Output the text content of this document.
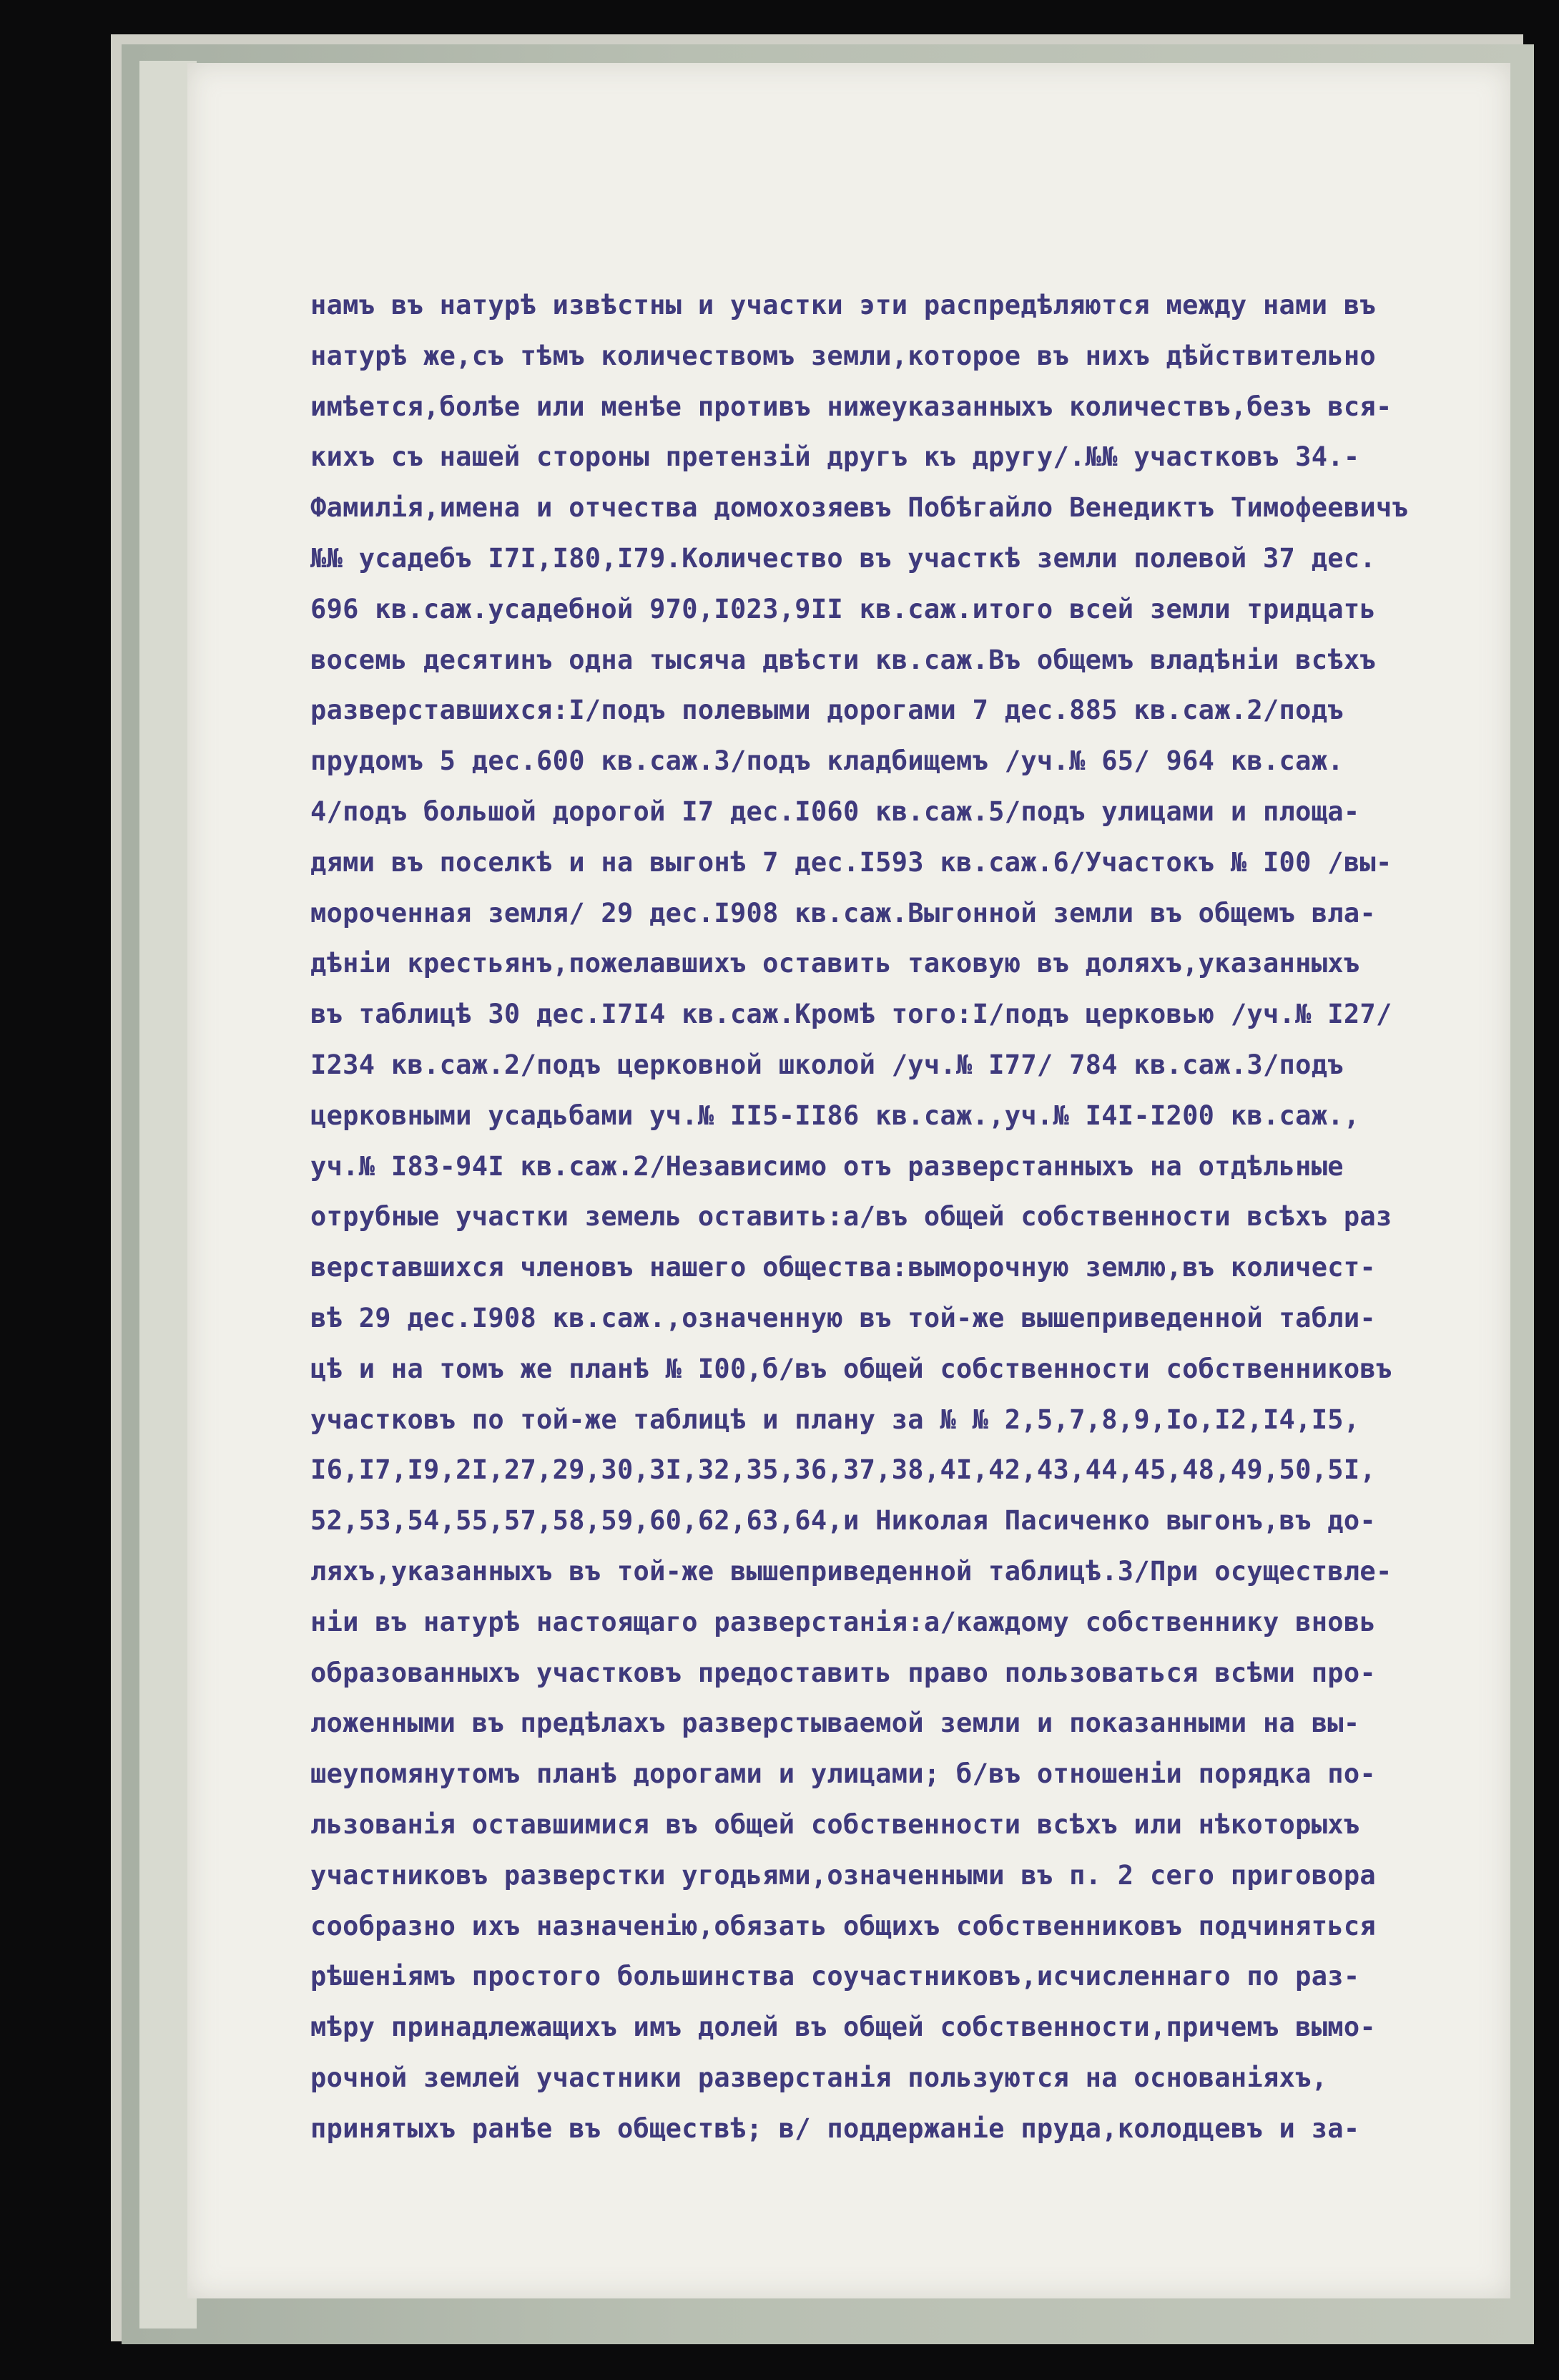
намъ въ натурѣ извѣстны и участки эти распредѣляются между нами въ
натурѣ же,съ тѣмъ количествомъ земли,которое въ нихъ дѣйствительно
имѣется,болѣе или менѣе противъ нижеуказанныхъ количествъ,безъ вся-
кихъ съ нашей стороны претензій другъ къ другу/.№№ участковъ 34.-
Фамилія,имена и отчества домохозяевъ Побѣгайло Венедиктъ Тимофеевичъ
№№ усадебъ I7I,I80,I79.Количество въ участкѣ земли полевой 37 дес.
696 кв.саж.усадебной 970,I023,9II кв.саж.итого всей земли тридцать
восемь десятинъ одна тысяча двѣсти кв.саж.Въ общемъ владѣніи всѣхъ
разверставшихся:I/подъ полевыми дорогами 7 дес.885 кв.саж.2/подъ
прудомъ 5 дес.600 кв.саж.3/подъ кладбищемъ /уч.№ 65/ 964 кв.саж.
4/подъ большой дорогой I7 дес.I060 кв.саж.5/подъ улицами и площа-
дями въ поселкѣ и на выгонѣ 7 дес.I593 кв.саж.6/Участокъ № I00 /вы-
мороченная земля/ 29 дес.I908 кв.саж.Выгонной земли въ общемъ вла-
дѣніи крестьянъ,пожелавшихъ оставить таковую въ доляхъ,указанныхъ
въ таблицѣ 30 дес.I7I4 кв.саж.Кромѣ того:I/подъ церковью /уч.№ I27/
I234 кв.саж.2/подъ церковной школой /уч.№ I77/ 784 кв.саж.3/подъ
церковными усадьбами уч.№ II5-II86 кв.саж.,уч.№ I4I-I200 кв.саж.,
уч.№ I83-94I кв.саж.2/Независимо отъ разверстанныхъ на отдѣльные
отрубные участки земель оставить:а/въ общей собственности всѣхъ раз
верставшихся членовъ нашего общества:выморочную землю,въ количест-
вѣ 29 дес.I908 кв.саж.,означенную въ той-же вышеприведенной табли-
цѣ и на томъ же планѣ № I00,б/въ общей собственности собственниковъ
участковъ по той-же таблицѣ и плану за № № 2,5,7,8,9,Io,I2,I4,I5,
I6,I7,I9,2I,27,29,30,3I,32,35,36,37,38,4I,42,43,44,45,48,49,50,5I,
52,53,54,55,57,58,59,60,62,63,64,и Николая Пасиченко выгонъ,въ до-
ляхъ,указанныхъ въ той-же вышеприведенной таблицѣ.3/При осуществле-
ніи въ натурѣ настоящаго разверстанія:а/каждому собственнику вновь
образованныхъ участковъ предоставить право пользоваться всѣми про-
ложенными въ предѣлахъ разверстываемой земли и показанными на вы-
шеупомянутомъ планѣ дорогами и улицами; б/въ отношеніи порядка по-
льзованія оставшимися въ общей собственности всѣхъ или нѣкоторыхъ
участниковъ разверстки угодьями,означенными въ п. 2 сего приговора
сообразно ихъ назначенію,обязать общихъ собственниковъ подчиняться
рѣшеніямъ простого большинства соучастниковъ,исчисленнаго по раз-
мѣру принадлежащихъ имъ долей въ общей собственности,причемъ вымо-
рочной землей участники разверстанія пользуются на основаніяхъ,
принятыхъ ранѣе въ обществѣ; в/ поддержаніе пруда,колодцевъ и за-
